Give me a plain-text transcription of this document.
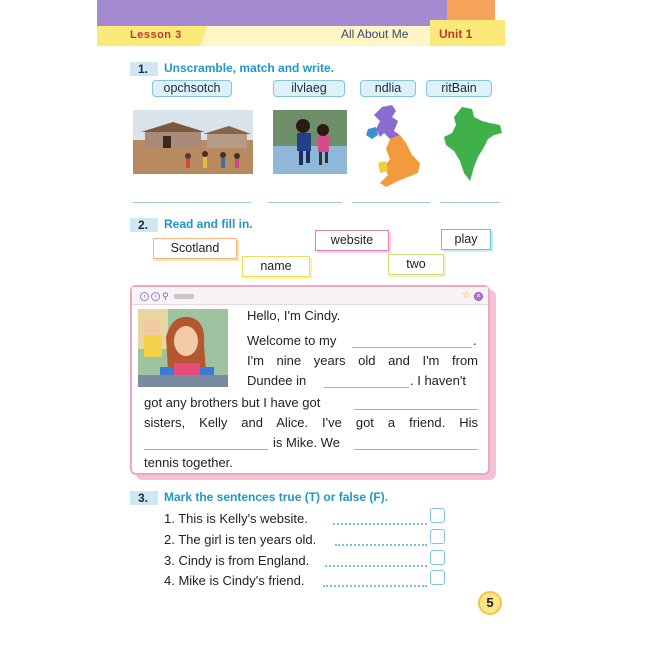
Lesson 3	All About Me	Unit 1
1.	Unscramble, match and write.
opchsotch	ilvlaeg	ndlia	ritBain
2.	Read and fill in.
Scotland
website	play
name	two
‹	› ⚲	☆ ×
Hello, I'm Cindy.
Welcome to my	.
I'm nine years old and I'm from
Dundee in	. I haven't
got any brothers but I have got
sisters, Kelly and Alice. I've got a friend. His
is Mike. We
tennis together.
3.	Mark the sentences true (T) or false (F).
1. This is Kelly's website.
2. The girl is ten years old.
3. Cindy is from England.
4. Mike is Cindy's friend.
5
